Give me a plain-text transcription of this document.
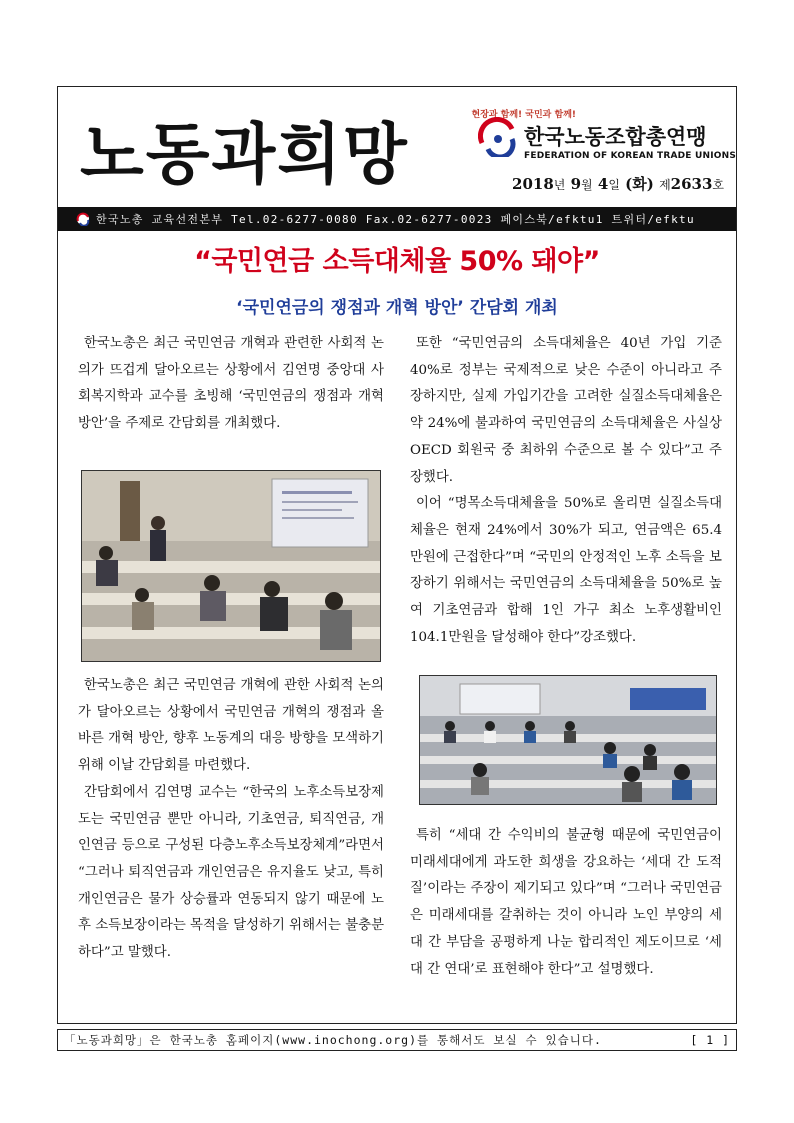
노동과희망	현장과 함께! 국민과 함께!
한국노동조합총연맹
FEDERATION OF KOREAN TRADE UNIONS
2018년 9월 4일 (화) 제2633호
한국노총 교육선전본부 Tel.02-6277-0080 Fax.02-6277-0023 페이스북/efktu1 트위터/efktu
“국민연금 소득대체율 50% 돼야”
‘국민연금의 쟁점과 개혁 방안’ 간담회 개최

한국노총은 최근 국민연금 개혁과 관련한 사회적 논의가 뜨겁게 달아오르는 상황에서 김연명 중앙대 사회복지학과 교수를 초빙해 ‘국민연금의 쟁점과 개혁 방안’을 주제로 간담회를 개최했다.

한국노총은 최근 국민연금 개혁에 관한 사회적 논의가 달아오르는 상황에서 국민연금 개혁의 쟁점과 올바른 개혁 방안, 향후 노동계의 대응 방향을 모색하기 위해 이날 간담회를 마련했다.

간담회에서 김연명 교수는 “한국의 노후소득보장제도는 국민연금 뿐만 아니라, 기초연금, 퇴직연금, 개인연금 등으로 구성된 다층노후소득보장체계”라면서 “그러나 퇴직연금과 개인연금은 유지율도 낮고, 특히 개인연금은 물가 상승률과 연동되지 않기 때문에 노후 소득보장이라는 목적을 달성하기 위해서는 불충분하다”고 말했다.

또한 “국민연금의 소득대체율은 40년 가입 기준 40%로 정부는 국제적으로 낮은 수준이 아니라고 주장하지만, 실제 가입기간을 고려한 실질소득대체율은 약 24%에 불과하여 국민연금의 소득대체율은 사실상 OECD 회원국 중 최하위 수준으로 볼 수 있다”고 주장했다.

이어 “명목소득대체율을 50%로 올리면 실질소득대체율은 현재 24%에서 30%가 되고, 연금액은 65.4만원에 근접한다”며 “국민의 안정적인 노후 소득을 보장하기 위해서는 국민연금의 소득대체율을 50%로 높여 기초연금과 합해 1인 가구 최소 노후생활비인 104.1만원을 달성해야 한다”강조했다.

특히 “세대 간 수익비의 불균형 때문에 국민연금이 미래세대에게 과도한 희생을 강요하는 ‘세대 간 도적질’이라는 주장이 제기되고 있다”며 “그러나 국민연금은 미래세대를 갈취하는 것이 아니라 노인 부양의 세대 간 부담을 공평하게 나눈 합리적인 제도이므로 ‘세대 간 연대’로 표현해야 한다”고 설명했다.

「노동과희망」은 한국노총 홈페이지(www.inochong.org)를 통해서도 보실 수 있습니다.	[ 1 ]
